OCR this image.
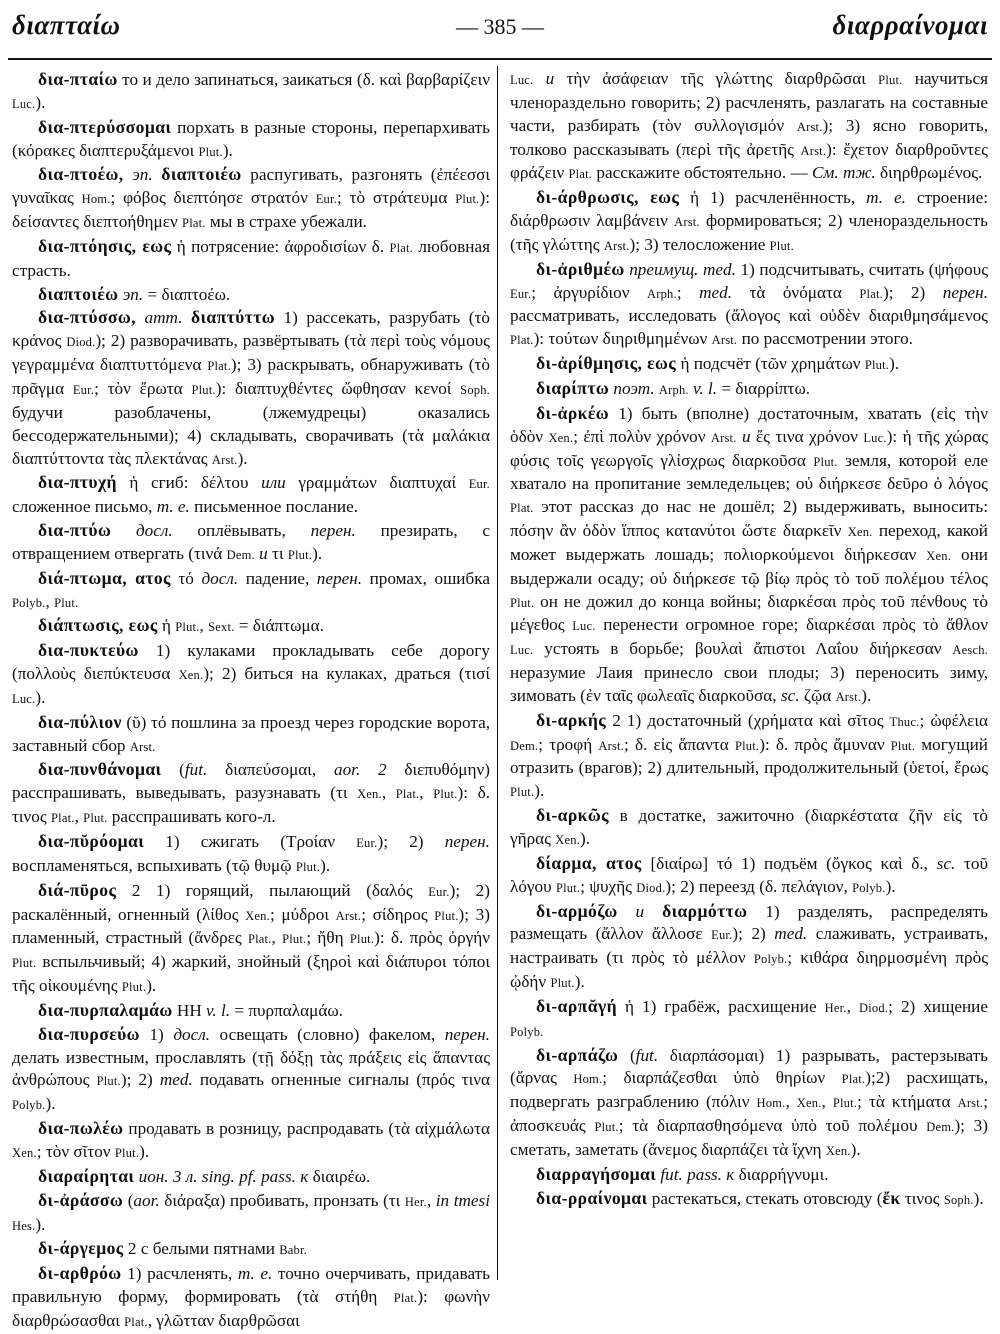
διαπταίω	— 385 —	διαρραίνομαι

δια-πταίω то и дело запинаться, заикаться (δ. καὶ βαρβαρίζειν Luc.).

δια-πτερύσσομαι порхать в разные стороны, перепархивать (κόρακες διαπτερυξάμενοι Plut.).

δια-πτοέω, эп. διαπτοιέω распугивать, разгонять (ἐπέεσσι γυναῖκας Hom.; φόβος διεπτόησε στρατόν Eur.; τὸ στράτευμα Plut.): δείσαντες διεπτοήθημεν Plat. мы в страхе убежали.

δια-πτόησις, εως ἡ потрясение: ἀφροδισίων δ. Plat. любовная страсть.

διαπτοιέω эп. = διαπτοέω.

δια-πτύσσω, атт. διαπτύττω 1) рассекать, разрубать (τὸ κράνος Diod.); 2) разворачивать, развёртывать (τὰ περὶ τοὺς νόμους γεγραμμένα διαπτυττόμενα Plat.); 3) раскрывать, обнаруживать (τὸ πρᾶγμα Eur.; τὸν ἔρωτα Plut.): διαπτυχθέντες ὤφθησαν κενοί Soph. будучи разоблачены, (лжемудрецы) оказались бессодержательными); 4) складывать, сворачивать (τὰ μαλάκια διαπτύττοντα τὰς πλεκτάνας Arst.).

δια-πτυχή ἡ сгиб: δέλτου или γραμμάτων διαπτυχαί Eur. сложенное письмо, т. е. письменное послание.

δια-πτύω досл. оплёвывать, перен. презирать, с отвращением отвергать (τινά Dem. и τι Plut.).

διά-πτωμα, ατος τό досл. падение, перен. промах, ошибка Polyb., Plut.

διάπτωσις, εως ἡ Plut., Sext. = διάπτωμα.

δια-πυκτεύω 1) кулаками прокладывать себе дорогу (πολλοὺς διεπύκτευσα Xen.); 2) биться на кулаках, драться (τισί Luc.).

δια-πύλιον (ῠ) τό пошлина за проезд через городские ворота, заставный сбор Arst.

δια-πυνθάνομαι (fut. διαπεύσομαι, aor. 2 διεπυθόμην) расспрашивать, выведывать, разузнавать (τι Xen., Plat., Plut.): δ. τινος Plat., Plut. расспрашивать кого-л.

δια-πῠρόομαι 1) сжигать (Τροίαν Eur.); 2) перен. воспламеняться, вспыхивать (τῷ θυμῷ Plut.).

διά-πῡρος 2 1) горящий, пылающий (δαλός Eur.); 2) раскалённый, огненный (λίθος Xen.; μύδροι Arst.; σίδηρος Plut.); 3) пламенный, страстный (ἄνδρες Plat., Plut.; ἤθη Plut.): δ. πρὸς ὀργήν Plut. вспыльчивый; 4) жаркий, знойный (ξηροὶ καὶ διάπυροι τόποι τῆς οἰκουμένης Plut.).

δια-πυρπαλαμάω НН v. l. = πυρπαλαμάω.

δια-πυρσεύω 1) досл. освещать (словно) факелом, перен. делать известным, прославлять (τῇ δόξῃ τὰς πράξεις εἰς ἅπαντας ἀνθρώπους Plut.); 2) med. подавать огненные сигналы (πρός τινα Polyb.).

δια-πωλέω продавать в розницу, распродавать (τὰ αἰχμάλωτα Xen.; τὸν σῖτον Plut.).

διαραίρηται ион. 3 л. sing. pf. pass. к διαιρέω.

δι-ἀράσσω (aor. διάραξα) пробивать, пронзать (τι Her., in tmesi Hes.).

δι-άργεμος 2 с белыми пятнами Babr.

δι-αρθρόω 1) расчленять, т. е. точно очерчивать, придавать правильную форму, формировать (τὰ στήθη Plat.): φωνὴν διαρθρώσασθαι Plat., γλῶτταν διαρθρῶσαι

Luc. и τὴν ἀσάφειαν τῆς γλώττης διαρθρῶσαι Plut. научиться членораздельно говорить; 2) расчленять, разлагать на составные части, разбирать (τὸν συλλογισμόν Arst.); 3) ясно говорить, толково рассказывать (περὶ τῆς ἀρετῆς Arst.): ἔχετον διαρθροῦντες φράζειν Plat. расскажите обстоятельно. — См. тж. διηρθρωμένος.

δι-άρθρωσις, εως ἡ 1) расчленённость, т. е. строение: διάρθρωσιν λαμβάνειν Arst. формироваться; 2) членораздельность (τῆς γλώττης Arst.); 3) телосложение Plut.

δι-ἀριθμέω преимущ. med. 1) подсчитывать, считать (ψήφους Eur.; ἀργυρίδιον Arph.; med. τὰ ὀνόματα Plat.); 2) перен. рассматривать, исследовать (ἄλογος καὶ οὐδὲν διαριθμησάμενος Plat.): τούτων διηριθμημένων Arst. по рассмотрении этого.

δι-ἀρίθμησις, εως ἡ подсчёт (τῶν χρημάτων Plut.).

διαρίπτω поэт. Arph. v. l. = διαρρίπτω.

δι-ἀρκέω 1) быть (вполне) достаточным, хватать (εἰς τὴν ὁδὸν Xen.; ἐπὶ πολὺν χρόνον Arst. и ἔς τινα χρόνον Luc.): ἡ τῆς χώρας φύσις τοῖς γεωργοῖς γλίσχρως διαρκοῦσα Plut. земля, которой еле хватало на пропитание земледельцев; οὐ διήρκεσε δεῦρο ὁ λόγος Plat. этот рассказ до нас не дошёл; 2) выдерживать, выносить: πόσην ἂν ὁδὸν ἵππος κατανύτοι ὥστε διαρκεῖν Xen. переход, какой может выдержать лошадь; πολιορκούμενοι διήρκεσαν Xen. они выдержали осаду; οὐ διήρκεσε τῷ βίῳ πρὸς τὸ τοῦ πολέμου τέλος Plut. он не дожил до конца войны; διαρκέσαι πρὸς τοῦ πένθους τὸ μέγεθος Luc. перенести огромное горе; διαρκέσαι πρὸς τὸ ἄθλον Luc. устоять в борьбе; βουλαὶ ἄπιστοι Λαΐου διήρκεσαν Aesch. неразумие Лаия принесло свои плоды; 3) переносить зиму, зимовать (ἐν ταῖς φωλεαῖς διαρκοῦσα, sc. ζῷα Arst.).

δι-αρκής 2 1) достаточный (χρήματα καὶ σῖτος Thuc.; ὠφέλεια Dem.; τροφή Arst.; δ. εἰς ἅπαντα Plut.): δ. πρὸς ἄμυναν Plut. могущий отразить (врагов); 2) длительный, продолжительный (ὑετοί, ἔρως Plut.).

δι-αρκῶς в достатке, зажиточно (διαρκέστατα ζῆν εἰς τὸ γῆρας Xen.).

δίαρμα, ατος [διαίρω] τό 1) подъём (ὄγκος καὶ δ., sc. τοῦ λόγου Plut.; ψυχῆς Diod.); 2) переезд (δ. πελάγιον, Polyb.).

δι-αρμόζω и διαρμόττω 1) разделять, распределять размещать (ἄλλον ἄλλοσε Eur.); 2) med. слаживать, устраивать, настраивать (τι πρὸς τὸ μέλλον Polyb.; κιθάρα διηρμοσμένη πρὸς ᾠδήν Plut.).

δι-αρπᾰγή ἡ 1) грабёж, расхищение Her., Diod.; 2) хищение Polyb.

δι-αρπάζω (fut. διαρπάσομαι) 1) разрывать, растерзывать (ἄρνας Hom.; διαρπάζεσθαι ὑπὸ θηρίων Plat.);2) расхищать, подвергать разграблению (πόλιν Hom., Xen., Plut.; τὰ κτήματα Arst.; ἀποσκευάς Plut.; τὰ διαρπασθησόμενα ὑπὸ τοῦ πολέμου Dem.); 3) сметать, заметать (ἄνεμος διαρπάζει τὰ ἴχνη Xen.).

διαρραγήσομαι fut. pass. к διαρρήγνυμι.

δια-ρραίνομαι растекаться, стекать отовсюду (ἔκ τινος Soph.).
